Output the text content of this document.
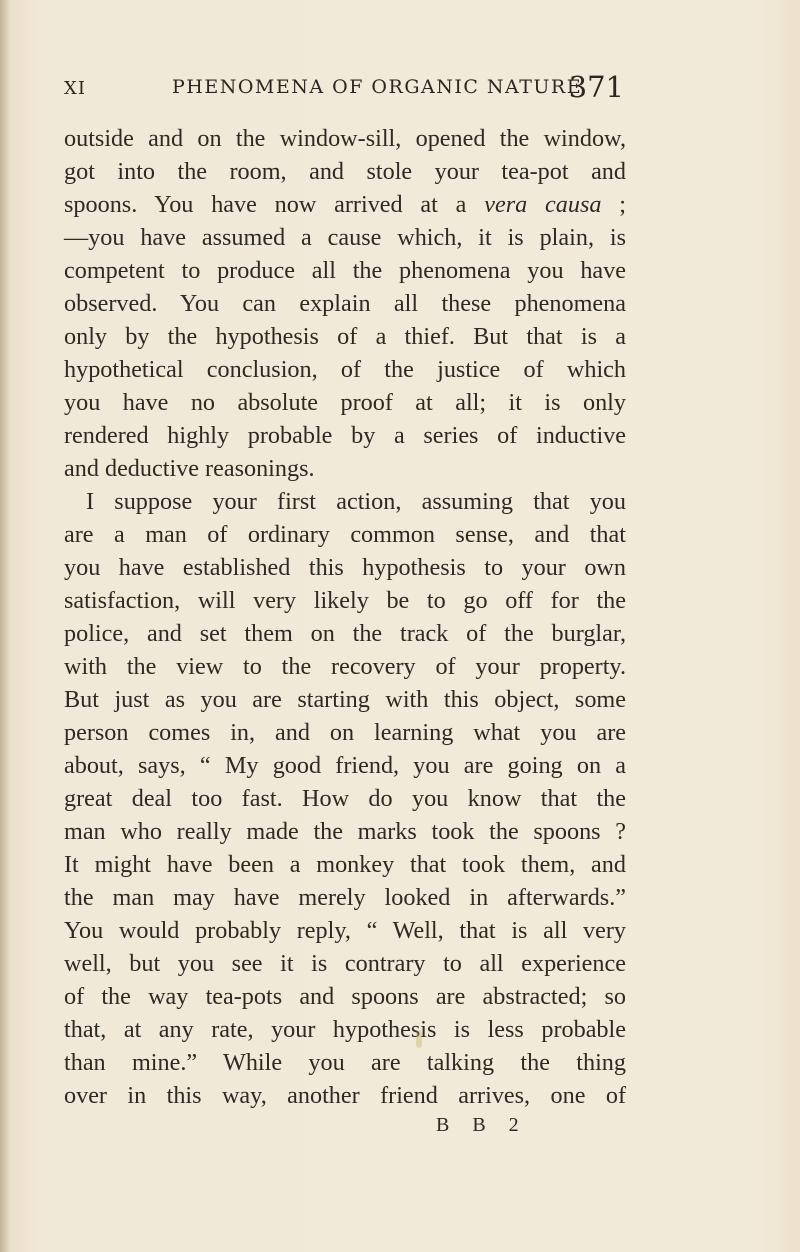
XI	PHENOMENA OF ORGANIC NATURE
371
outside and on the window-sill, opened the window,
got into the room, and stole your tea-pot and
spoons. You have now arrived at a vera causa ;
—you have assumed a cause which, it is plain, is
competent to produce all the phenomena you have
observed. You can explain all these phenomena
only by the hypothesis of a thief. But that is a
hypothetical conclusion, of the justice of which
you have no absolute proof at all; it is only
rendered highly probable by a series of inductive
and deductive reasonings.
I suppose your first action, assuming that you
are a man of ordinary common sense, and that
you have established this hypothesis to your own
satisfaction, will very likely be to go off for the
police, and set them on the track of the burglar,
with the view to the recovery of your property.
But just as you are starting with this object, some
person comes in, and on learning what you are
about, says, “ My good friend, you are going on a
great deal too fast. How do you know that the
man who really made the marks took the spoons ?
It might have been a monkey that took them, and
the man may have merely looked in afterwards.”
You would probably reply, “ Well, that is all very
well, but you see it is contrary to all experience
of the way tea-pots and spoons are abstracted; so
that, at any rate, your hypothesis is less probable
than mine.” While you are talking the thing
over in this way, another friend arrives, one of
B B 2
